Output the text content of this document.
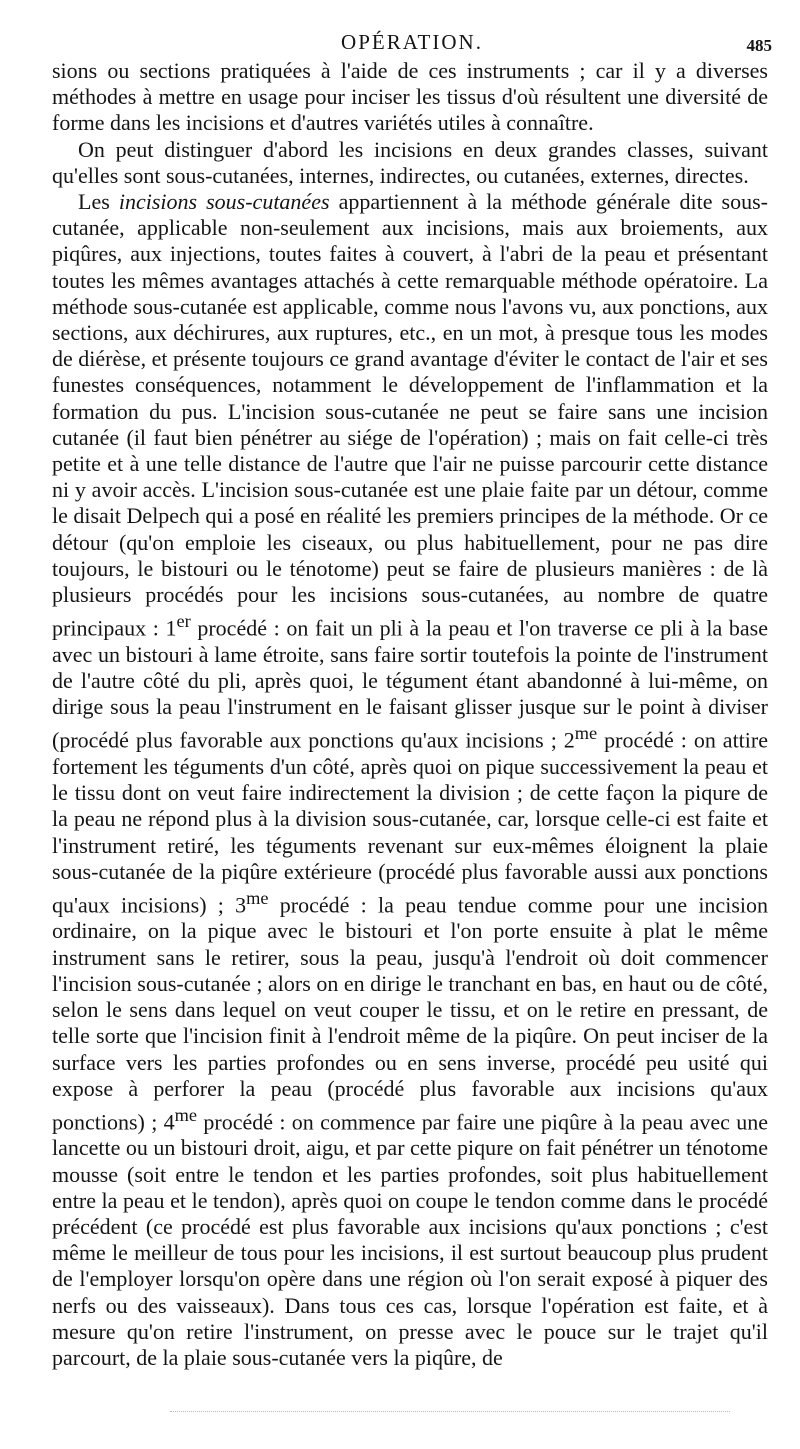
OPÉRATION.	485

sions ou sections pratiquées à l'aide de ces instruments ; car il y a diverses méthodes à mettre en usage pour inciser les tissus d'où résultent une diversité de forme dans les incisions et d'autres variétés utiles à connaître.

On peut distinguer d'abord les incisions en deux grandes classes, suivant qu'elles sont sous-cutanées, internes, indirectes, ou cutanées, externes, directes.

Les incisions sous-cutanées appartiennent à la méthode générale dite sous-cutanée, applicable non-seulement aux incisions, mais aux broiements, aux piqûres, aux injections, toutes faites à couvert, à l'abri de la peau et présentant toutes les mêmes avantages attachés à cette remarquable méthode opératoire. La méthode sous-cutanée est applicable, comme nous l'avons vu, aux ponctions, aux sections, aux déchirures, aux ruptures, etc., en un mot, à presque tous les modes de diérèse, et présente toujours ce grand avantage d'éviter le contact de l'air et ses funestes conséquences, notamment le développement de l'inflammation et la formation du pus. L'incision sous-cutanée ne peut se faire sans une incision cutanée (il faut bien pénétrer au siége de l'opération) ; mais on fait celle-ci très petite et à une telle distance de l'autre que l'air ne puisse parcourir cette distance ni y avoir accès. L'incision sous-cutanée est une plaie faite par un détour, comme le disait Delpech qui a posé en réalité les premiers principes de la méthode. Or ce détour (qu'on emploie les ciseaux, ou plus habituellement, pour ne pas dire toujours, le bistouri ou le ténotome) peut se faire de plusieurs manières : de là plusieurs procédés pour les incisions sous-cutanées, au nombre de quatre principaux : 1er procédé : on fait un pli à la peau et l'on traverse ce pli à la base avec un bistouri à lame étroite, sans faire sortir toutefois la pointe de l'instrument de l'autre côté du pli, après quoi, le tégument étant abandonné à lui-même, on dirige sous la peau l'instrument en le faisant glisser jusque sur le point à diviser (procédé plus favorable aux ponctions qu'aux incisions ; $2^{me}$ procédé : on attire fortement les téguments d'un côté, après quoi on pique successivement la peau et le tissu dont on veut faire indirectement la division ; de cette façon la piqure de la peau ne répond plus à la division sous-cutanée, car, lorsque celle-ci est faite et l'instrument retiré, les téguments revenant sur eux-mêmes éloignent la plaie sous-cutanée de la piqûre extérieure (procédé plus favorable aussi aux ponctions qu'aux incisions) ; $3^{me}$ procédé : la peau tendue comme pour une incision ordinaire, on la pique avec le bistouri et l'on porte ensuite à plat le même instrument sans le retirer, sous la peau, jusqu'à l'endroit où doit commencer l'incision sous-cutanée ; alors on en dirige le tranchant en bas, en haut ou de côté, selon le sens dans lequel on veut couper le tissu, et on le retire en pressant, de telle sorte que l'incision finit à l'endroit même de la piqûre. On peut inciser de la surface vers les parties profondes ou en sens inverse, procédé peu usité qui expose à perforer la peau (procédé plus favorable aux incisions qu'aux ponctions) ; $4^{me}$ procédé : on commence par faire une piqûre à la peau avec une lancette ou un bistouri droit, aigu, et par cette piqure on fait pénétrer un ténotome mousse (soit entre le tendon et les parties profondes, soit plus habituellement entre la peau et le tendon), après quoi on coupe le tendon comme dans le procédé précédent (ce procédé est plus favorable aux incisions qu'aux ponctions ; c'est même le meilleur de tous pour les incisions, il est surtout beaucoup plus prudent de l'employer lorsqu'on opère dans une région où l'on serait exposé à piquer des nerfs ou des vaisseaux). Dans tous ces cas, lorsque l'opération est faite, et à mesure qu'on retire l'instrument, on presse avec le pouce sur le trajet qu'il parcourt, de la plaie sous-cutanée vers la piqûre, de
